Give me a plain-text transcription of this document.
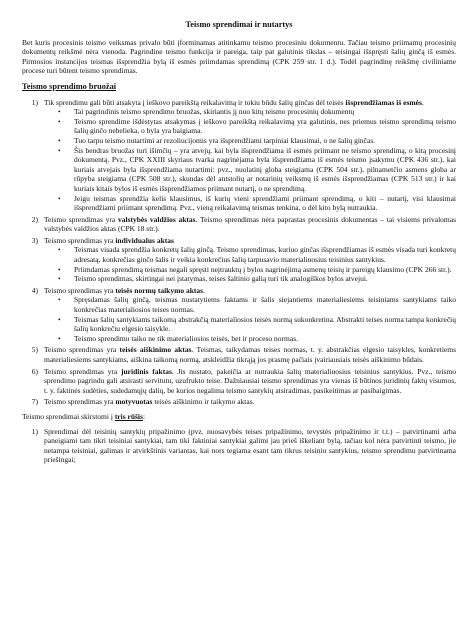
Teismo sprendimai ir nutartys
Bet kuris procesinis teismo veiksmas privalo būti įforminamas atitinkamu teismo procesiniu dokumentu. Tačiau teismo priimamų procesinių dokumentų reikšmė nėra vienoda. Pagrindine teismo funkcija ir pareiga, taip pat galutinis tikslas – teisingai išspręsti šalių ginčą iš esmės. Pirmosios instancijos teismas išsprendžia bylą iš esmės priimdamas sprendimą (CPK 259 str. 1 d.). Todėl pagrindinę reikšmę civiliniame procese turi būtent teismo sprendimas.
Teismo sprendimo bruožai
1) Tik sprendimu gali būti atsakyta į ieškovo pareikštą reikalavimą ir tokiu būdu šalių ginčas dėl teisės išsprendžiamas iš esmės.
• Tai pagrindinis teismo sprendimo bruožas, skiriantis jį nuo kitų teismo procesinių dokumentų
• Teismo sprendime išdėstytas atsakymas į ieškovo pareikštą reikalavimą yra galutinis, nes priemus teismo sprendimą teismo šalių ginčo nebelieka, o byla yra baigiama.
• Tuo tarpu teismo nutartimi ar rezoliucijomis yra išsprendžiami tarpiniai klausimai, o ne šalių ginčas.
• Šis bendras bruožas turi išimčių – yra atvejų, kai byla išsprendžiama iš esmės priimant ne teismo sprendimą, o kitą procesinį dokumentą. Pvz., CPK XXIII skyriaus tvarka nagrinėjama byla išsprendžiama iš esmės teismo įsakymu (CPK 436 str.), kai kuriais atvejais byla išsprendžiama nutartimi: pvz., nuolatinį globa steigiama (CPK 504 str.), pilnametčio asmens globa ar rūpyba steigiama (CPK 508 str.), skundas dėl antstolių ar notarinių veiksmų iš esmės išsprendžiamas (CPK 513 str.) ir kai kuriais kitais bylos iš esmės išsprendžiamos priimant nutartį, o ne sprendimą.
• Jeigu teismas sprendžia kelis klausimus, iš kurių vieni sprendžiami priimant sprendimą, o kiti – nutartį, visi klausimai išsprendžiami priimant sprendimą. Pvz., vieną reikalavimą teismas tenkina, o dėl kito bylą nutraukia.
2) Teismo sprendimas yra valstybės valdžios aktas. Teismo sprendimas nėra paprastas procesinis dokumentas – tai visiems privalomas valstybės valdžios aktas (CPK 18 str.).
3) Teismo sprendimas yra individualus aktas
• Teismas visada sprendžia konkretų šalių ginčą. Teismo sprendimas, kuriuo ginčas išsprendžiamas iš esmės visada turi konkretų adresatą, konkrečias ginčo šalis ir veikia konkrečius šalių tarpusavio materialiuosius teisinius santykius.
• Priimdamas sprendimą teismas negali spręsti neįtrauktų į bylos nagrinėjimą asmenų teisių ir pareigų klausimo (CPK 266 str.).
• Teismo sprendimas, skirtingai nei įstatymas, teises šaltinio galią turi tik analogiškos bylos atvejui.
4) Teismo sprendimas yra teisės normų taikymo aktas.
• Spręsdamas šalių ginčą, teismas nustatytiems faktams ir šalis siejantiems materialiesiems teisiniams santykiams taiko konkrečias materialiosios teises normas.
• Teismas šalių santykiams taikomą abstrakčią materialiosios teisės normą sukonkretina. Abstrakti teises norma tampa konkrečių šalių konkrečiu elgesio taisykle.
• Teismo sprendimu taiko ne tik materialiosios teisės, bet ir proceso normas.
5) Teismo sprendimas yra teisės aiškinimo aktas. Teismas, taikydamas teises normas, t. y. abstrakčias elgesio taisykles, konkretiems materialiesiems santykiams, aiškina taikomą normą, atskleidžia tikrąją jos prasmę pačiais įvairiausiais teisės aiškinimo būdais.
6) Teismo sprendimas yra juridinis faktas. Jis nustato, pakeičia ar nutraukia šalių materialiuosius teisinius santykius. Pvz., teismo sprendimo pagrindu gali atsirasti servitutu, uzufrukto teise. Dažniausiai teismo sprendimas yra vienas iš būtinos juridinių faktų visumos, t. y. faktinės sudėties, sudedamųjų dalių, be kurios negalima teismo santykių atsiradimas, pasikeitimas ar pasibaigimas.
7) Teismo sprendimas yra motyvuotas teisės aiškinimo ir taikymo aktas.
Teismo sprendimai skirstomi į tris rūšis:
1) Sprendimai dėl teisinių santykių pripažinimo (pvz. nuosavybės teises pripažinimo, tevystės pripažinimo ir t.t.) – patvirtinami arba paneigiami tam tikri teisiniai santykiai, tam tiki faktiniai santykiai galimi jau prieš iškeliant bylą, tačiau kol nėra patvirtinti teismo, jie netampa teisiniai, galimas ir atvirkštinis variantas, kai nors tegiama esant tam tikrus teisiniu santykius, teismo sprendimu patvirtinama priešingai;
